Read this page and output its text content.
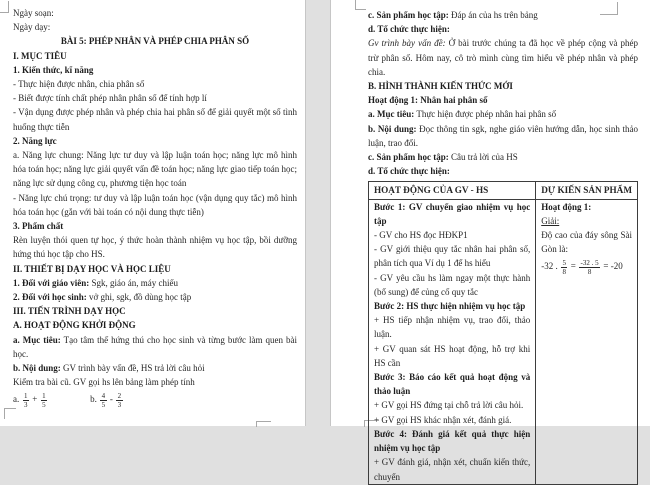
Ngày soạn:
Ngày dạy:
BÀI 5: PHÉP NHÂN VÀ PHÉP CHIA PHÂN SỐ
I. MỤC TIÊU
1. Kiến thức, kĩ năng
- Thực hiện được nhân, chia phân số
- Biết được tính chất phép nhân phân số để tính hợp lí
- Vận dụng được phép nhân và phép chia hai phân số để giải quyết một số tình huống thực tiễn
2. Năng lực
a. Năng lực chung: Năng lực tư duy và lập luận toán học; năng lực mô hình hóa toán học; năng lực giải quyết vấn đề toán học; năng lực giao tiếp toán học; năng lực sử dụng công cụ, phương tiện học toán
- Năng lực chú trọng: tư duy và lập luận toán học (vận dụng quy tắc) mô hình hóa toán học (gắn với bài toán có nội dung thực tiễn)
3. Phẩm chất
Rèn luyện thói quen tự học, ý thức hoàn thành nhiệm vụ học tập, bồi dưỡng hứng thú học tập cho HS.
II. THIẾT BỊ DẠY HỌC VÀ HỌC LIỆU
1. Đối với giáo viên: Sgk, giáo án, máy chiếu
2. Đối với học sinh: vở ghi, sgk, đồ dùng học tập
III. TIẾN TRÌNH DẠY HỌC
A. HOẠT ĐỘNG KHỞI ĐỘNG
a. Mục tiêu: Tạo tâm thế hứng thú cho học sinh và từng bước làm quen bài học.
b. Nội dung: GV trình bày vấn đề, HS trả lời câu hỏi
Kiểm tra bài cũ. GV gọi hs lên bảng làm phép tính
a. $\frac{1}{3} + \frac{1}{5}$	b. $\frac{4}{5} - \frac{2}{3}$
c. Sản phẩm học tập: Đáp án của hs trên bảng
d. Tổ chức thực hiện:
Gv trình bày vấn đề: Ở bài trước chúng ta đã học về phép cộng và phép trừ phân số. Hôm nay, cô trò mình cùng tìm hiểu về phép nhân và phép chia.
B. HÌNH THÀNH KIẾN THỨC MỚI
Hoạt động 1: Nhân hai phân số
a. Mục tiêu: Thực hiện được phép nhân hai phân số
b. Nội dung: Đọc thông tin sgk, nghe giáo viên hướng dẫn, học sinh thảo luận, trao đổi.
c. Sản phẩm học tập: Câu trả lời của HS
d. Tổ chức thực hiện:
HOẠT ĐỘNG CỦA GV - HS	DỰ KIẾN SẢN PHẨM

Bước 1: GV chuyển giao nhiệm vụ học tập
- GV cho HS đọc HĐKP1
- GV giới thiệu quy tắc nhân hai phân số, phân tích qua Ví dụ 1 để hs hiểu
- GV yêu cầu hs làm ngay một thực hành (bổ sung) để củng cố quy tắc
Bước 2: HS thực hiện nhiệm vụ học tập
+ HS tiếp nhận nhiệm vụ, trao đổi, thảo luận.
+ GV quan sát HS hoạt động, hỗ trợ khi HS cần
Bước 3: Báo cáo kết quả hoạt động và thảo luận
+ GV gọi HS đứng tại chỗ trả lời câu hỏi.
+ GV gọi HS khác nhận xét, đánh giá.
Bước 4: Đánh giá kết quả thực hiện nhiệm vụ học tập
+ GV đánh giá, nhận xét, chuẩn kiến thức, chuyển

Hoạt động 1:
Giải:
Độ cao của đáy sông Sài Gòn là:
-32 . $\frac{5}{8} = \frac{-32 . 5}{8} = -20$
